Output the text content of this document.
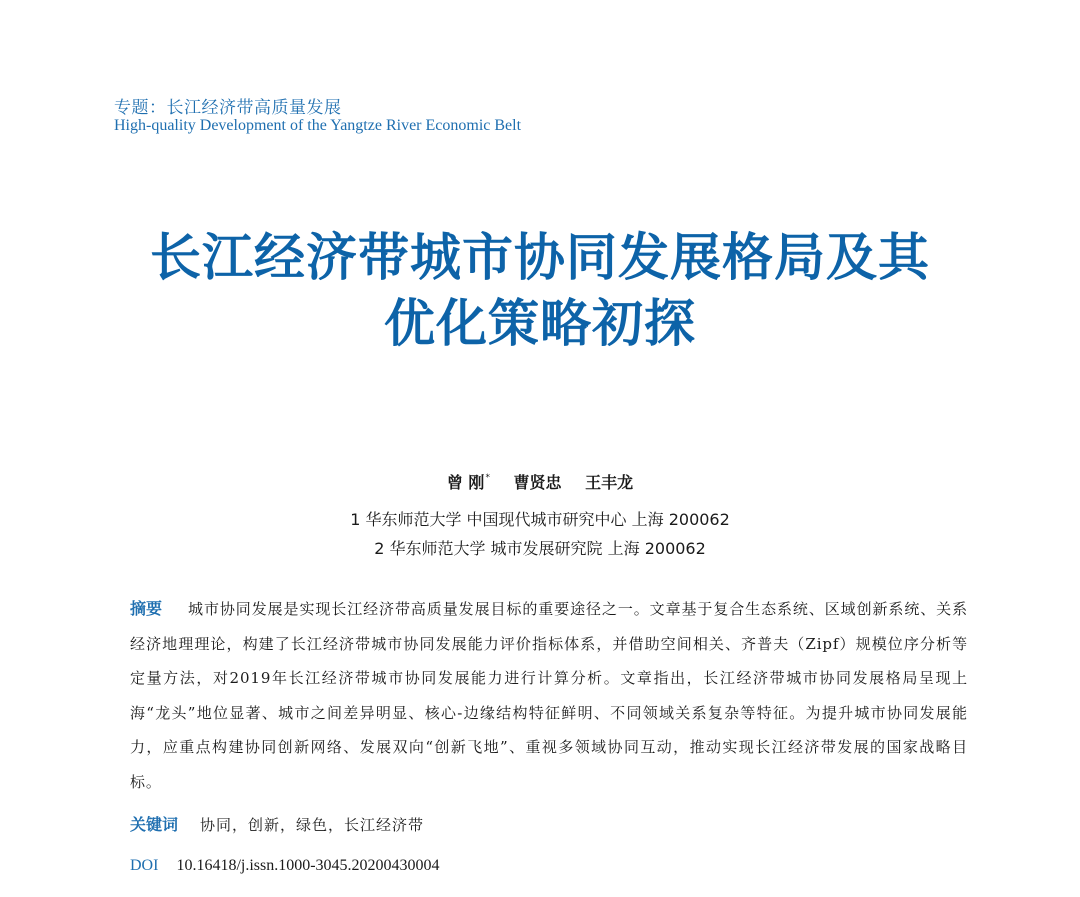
专题：长江经济带高质量发展
High-quality Development of the Yangtze River Economic Belt
长江经济带城市协同发展格局及其
优化策略初探
曾 刚* 曹贤忠 王丰龙
1 华东师范大学 中国现代城市研究中心 上海 200062
2 华东师范大学 城市发展研究院 上海 200062
摘要 城市协同发展是实现长江经济带高质量发展目标的重要途径之一。文章基于复合生态系统、区域创新系统、关系经济地理理论，构建了长江经济带城市协同发展能力评价指标体系，并借助空间相关、齐普夫（Zipf）规模位序分析等定量方法，对2019年长江经济带城市协同发展能力进行计算分析。文章指出，长江经济带城市协同发展格局呈现上海“龙头”地位显著、城市之间差异明显、核心-边缘结构特征鲜明、不同领域关系复杂等特征。为提升城市协同发展能力，应重点构建协同创新网络、发展双向“创新飞地”、重视多领域协同互动，推动实现长江经济带发展的国家战略目标。
关键词 协同，创新，绿色，长江经济带
DOI 10.16418/j.issn.1000-3045.20200430004
